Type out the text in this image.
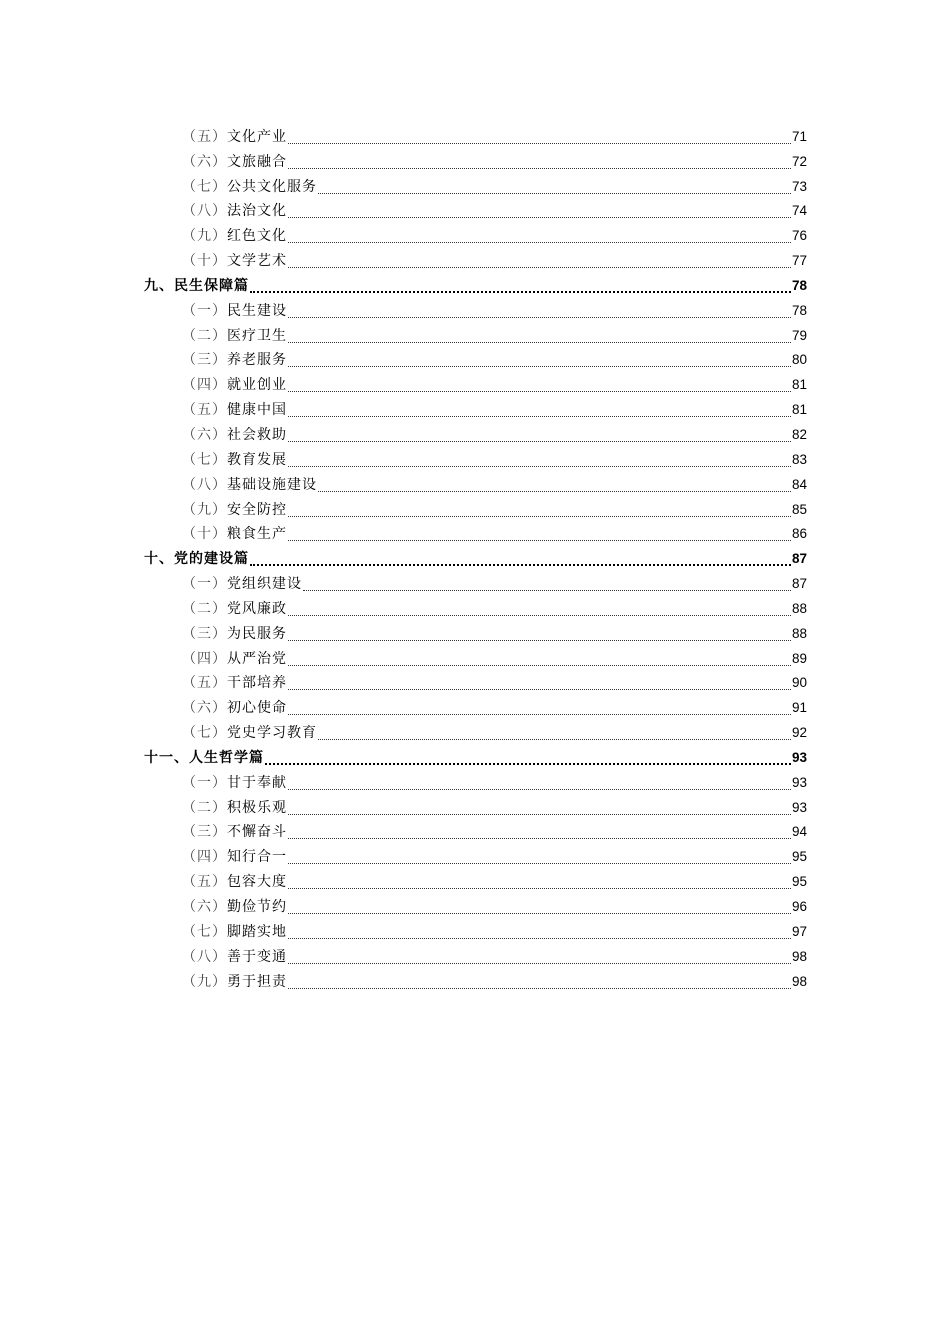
（五） 文化产业	71
（六） 文旅融合	72
（七） 公共文化服务	73
（八） 法治文化	74
（九） 红色文化	76
（十） 文学艺术	77
九、 民生保障篇	78
（一） 民生建设	78
（二） 医疗卫生	79
（三） 养老服务	80
（四） 就业创业	81
（五） 健康中国	81
（六） 社会救助	82
（七） 教育发展	83
（八） 基础设施建设	84
（九） 安全防控	85
（十） 粮食生产	86
十、 党的建设篇	87
（一） 党组织建设	87
（二） 党风廉政	88
（三） 为民服务	88
（四） 从严治党	89
（五） 干部培养	90
（六） 初心使命	91
（七） 党史学习教育	92
十一、 人生哲学篇	93
（一） 甘于奉献	93
（二） 积极乐观	93
（三） 不懈奋斗	94
（四） 知行合一	95
（五） 包容大度	95
（六） 勤俭节约	96
（七） 脚踏实地	97
（八） 善于变通	98
（九） 勇于担责	98
